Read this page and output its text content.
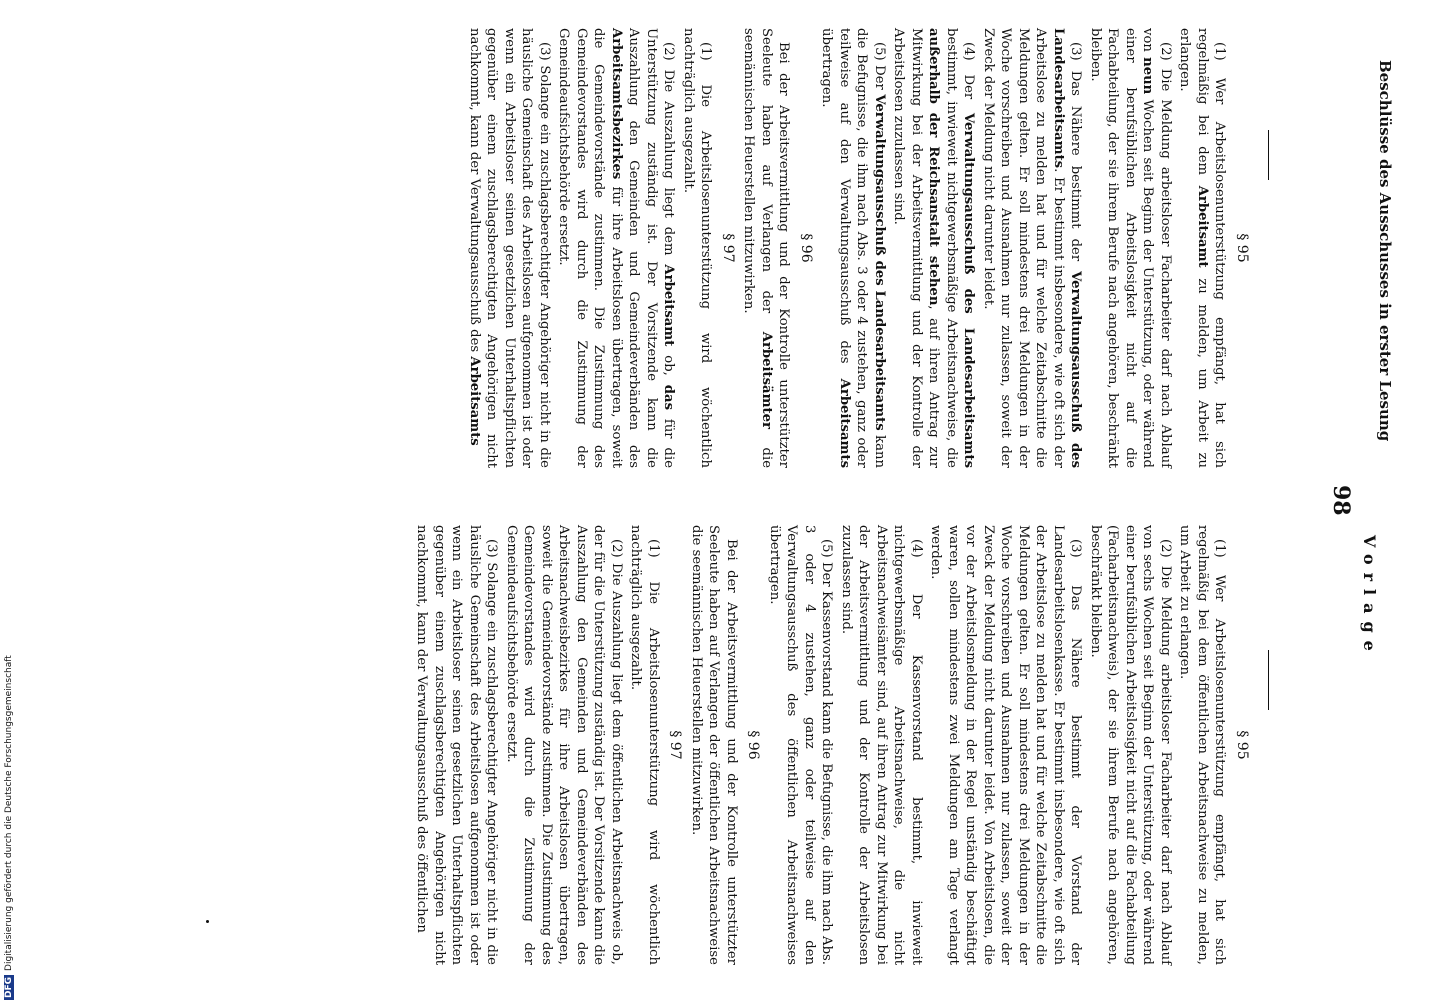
Vorlage
98
Beschlüsse des Ausschusses in erster Lesung
§ 95

(1) Wer Arbeitslosenunterstützung empfängt, hat sich regelmäßig bei dem Arbeitsamt zu melden, um Arbeit zu erlangen.

(2) Die Meldung arbeitsloser Facharbeiter darf nach Ablauf von neun Wochen seit Beginn der Unterstützung, oder während einer berufsüblichen Arbeitslosigkeit nicht auf die Fachabteilung, der sie ihrem Berufe nach angehören, beschränkt bleiben.

(3) Das Nähere bestimmt der Verwaltungsausschuß des Landesarbeitsamts. Er bestimmt insbesondere, wie oft sich der Arbeitslose zu melden hat und für welche Zeitabschnitte die Meldungen gelten. Er soll mindestens drei Meldungen in der Woche vorschreiben und Ausnahmen nur zulassen, soweit der Zweck der Meldung nicht darunter leidet.

(4) Der Verwaltungsausschuß des Landesarbeitsamts bestimmt, inwieweit nichtgewerbsmäßige Arbeitsnachweise, die außerhalb der Reichsanstalt stehen, auf ihren Antrag zur Mitwirkung bei der Arbeitsvermittlung und der Kontrolle der Arbeitslosen zuzulassen sind.

(5) Der Verwaltungsausschuß des Landesarbeitsamts kann die Befugnisse, die ihm nach Abs. 3 oder 4 zustehen, ganz oder teilweise auf den Verwaltungsausschuß des Arbeitsamts übertragen.

§ 96

Bei der Arbeitsvermittlung und der Kontrolle unterstützter Seeleute haben auf Verlangen der Arbeitsämter die seemännischen Heuerstellen mitzuwirken.

§ 97

(1) Die Arbeitslosenunterstützung wird wöchentlich nachträglich ausgezahlt.

(2) Die Auszahlung liegt dem Arbeitsamt ob, das für die Unterstützung zuständig ist. Der Vorsitzende kann die Auszahlung den Gemeinden und Gemeindeverbänden des Arbeitsamtsbezirkes für ihre Arbeitslosen übertragen, soweit die Gemeindevorstände zustimmen. Die Zustimmung des Gemeindevorstandes wird durch die Zustimmung der Gemeindeaufsichtsbehörde ersetzt.

(3) Solange ein zuschlagsberechtigter Angehöriger nicht in die häusliche Gemeinschaft des Arbeitslosen aufgenommen ist oder wenn ein Arbeitsloser seinen gesetzlichen Unterhaltspflichten gegenüber einem zuschlagsberechtigten Angehörigen nicht nachkommt, kann der Verwaltungsausschuß des Arbeitsamts

§ 95

(1) Wer Arbeitslosenunterstützung empfängt, hat sich regelmäßig bei dem öffentlichen Arbeitsnachweise zu melden, um Arbeit zu erlangen.

(2) Die Meldung arbeitsloser Facharbeiter darf nach Ablauf von sechs Wochen seit Beginn der Unterstützung, oder während einer berufsüblichen Arbeitslosigkeit nicht auf die Fachabteilung (Facharbeitsnachweis), der sie ihrem Berufe nach angehören, beschränkt bleiben.

(3) Das Nähere bestimmt der Vorstand der Landesarbeitslosenkasse. Er bestimmt insbesondere, wie oft sich der Arbeitslose zu melden hat und für welche Zeitabschnitte die Meldungen gelten. Er soll mindestens drei Meldungen in der Woche vorschreiben und Ausnahmen nur zulassen, soweit der Zweck der Meldung nicht darunter leidet. Von Arbeitslosen, die vor der Arbeitslosmeldung in der Regel unständig beschäftigt waren, sollen mindestens zwei Meldungen am Tage verlangt werden.

(4) Der Kassenvorstand bestimmt, inwieweit nichtgewerbsmäßige Arbeitsnachweise, die nicht Arbeitsnachweisämter sind, auf ihren Antrag zur Mitwirkung bei der Arbeitsvermittlung und der Kontrolle der Arbeitslosen zuzulassen sind.

(5) Der Kassenvorstand kann die Befugnisse, die ihm nach Abs. 3 oder 4 zustehen, ganz oder teilweise auf den Verwaltungsausschuß des öffentlichen Arbeitsnachweises übertragen.

§ 96

Bei der Arbeitsvermittlung und der Kontrolle unterstützter Seeleute haben auf Verlangen der öffentlichen Arbeitsnachweise die seemännischen Heuerstellen mitzuwirken.

§ 97

(1) Die Arbeitslosenunterstützung wird wöchentlich nachträglich ausgezahlt.

(2) Die Auszahlung liegt dem öffentlichen Arbeitsnachweis ob, der für die Unterstützung zuständig ist. Der Vorsitzende kann die Auszahlung den Gemeinden und Gemeindeverbänden des Arbeitsnachweisbezirkes für ihre Arbeitslosen übertragen, soweit die Gemeindevorstände zustimmen. Die Zustimmung des Gemeindevorstandes wird durch die Zustimmung der Gemeindeaufsichtsbehörde ersetzt.

(3) Solange ein zuschlagsberechtigter Angehöriger nicht in die häusliche Gemeinschaft des Arbeitslosen aufgenommen ist oder wenn ein Arbeitsloser seinen gesetzlichen Unterhaltspflichten gegenüber einem zuschlagsberechtigten Angehörigen nicht nachkommt, kann der Verwaltungsausschuß des öffentlichen

DFGDigitalisierung gefördert durch die Deutsche Forschungsgemeinschaft
